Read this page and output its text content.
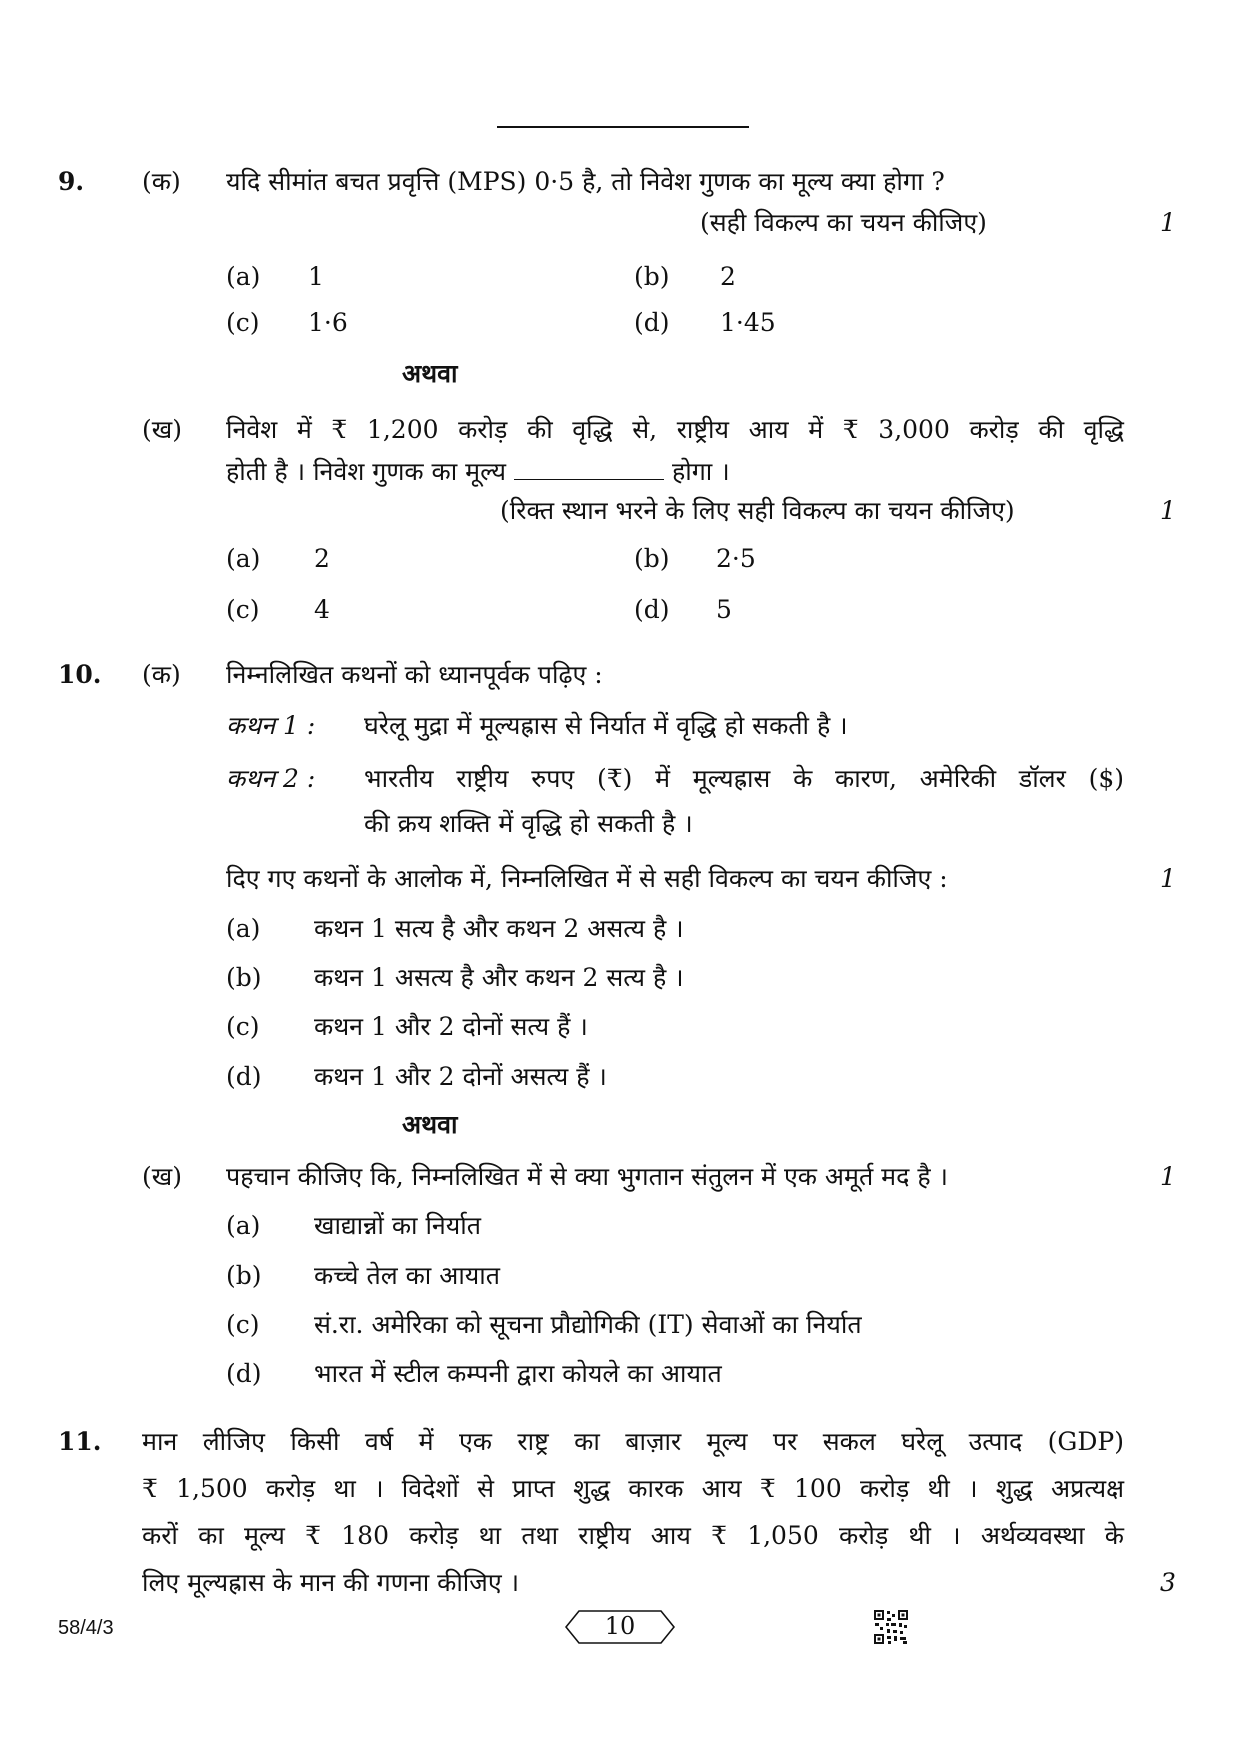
9. (क) यदि सीमांत बचत प्रवृत्ति (MPS) 0·5 है, तो निवेश गुणक का मूल्य क्या होगा ?
(सही विकल्प का चयन कीजिए)	1
(a) 1	(b) 2
(c) 1·6	(d) 1·45
अथवा
(ख) निवेश में ₹ 1,200 करोड़ की वृद्धि से, राष्ट्रीय आय में ₹ 3,000 करोड़ की वृद्धि
होती है । निवेश गुणक का मूल्य	होगा ।
(रिक्त स्थान भरने के लिए सही विकल्प का चयन कीजिए)	1
(a) 2	(b) 2·5
(c) 4	(d) 5
10. (क) निम्नलिखित कथनों को ध्यानपूर्वक पढ़िए :
कथन 1 : घरेलू मुद्रा में मूल्यह्रास से निर्यात में वृद्धि हो सकती है ।
कथन 2 : भारतीय राष्ट्रीय रुपए (₹) में मूल्यह्रास के कारण, अमेरिकी डॉलर ($)
की क्रय शक्ति में वृद्धि हो सकती है ।
दिए गए कथनों के आलोक में, निम्नलिखित में से सही विकल्प का चयन कीजिए :	1
(a) कथन 1 सत्य है और कथन 2 असत्य है ।
(b) कथन 1 असत्य है और कथन 2 सत्य है ।
(c) कथन 1 और 2 दोनों सत्य हैं ।
(d) कथन 1 और 2 दोनों असत्य हैं ।
अथवा
(ख) पहचान कीजिए कि, निम्नलिखित में से क्या भुगतान संतुलन में एक अमूर्त मद है ।	1
(a) खाद्यान्नों का निर्यात
(b) कच्चे तेल का आयात
(c) सं.रा. अमेरिका को सूचना प्रौद्योगिकी (IT) सेवाओं का निर्यात
(d) भारत में स्टील कम्पनी द्वारा कोयले का आयात
11. मान लीजिए किसी वर्ष में एक राष्ट्र का बाज़ार मूल्य पर सकल घरेलू उत्पाद (GDP)
₹ 1,500 करोड़ था । विदेशों से प्राप्त शुद्ध कारक आय ₹ 100 करोड़ थी । शुद्ध अप्रत्यक्ष
करों का मूल्य ₹ 180 करोड़ था तथा राष्ट्रीय आय ₹ 1,050 करोड़ थी । अर्थव्यवस्था के
लिए मूल्यह्रास के मान की गणना कीजिए ।	3
58/4/3	10
